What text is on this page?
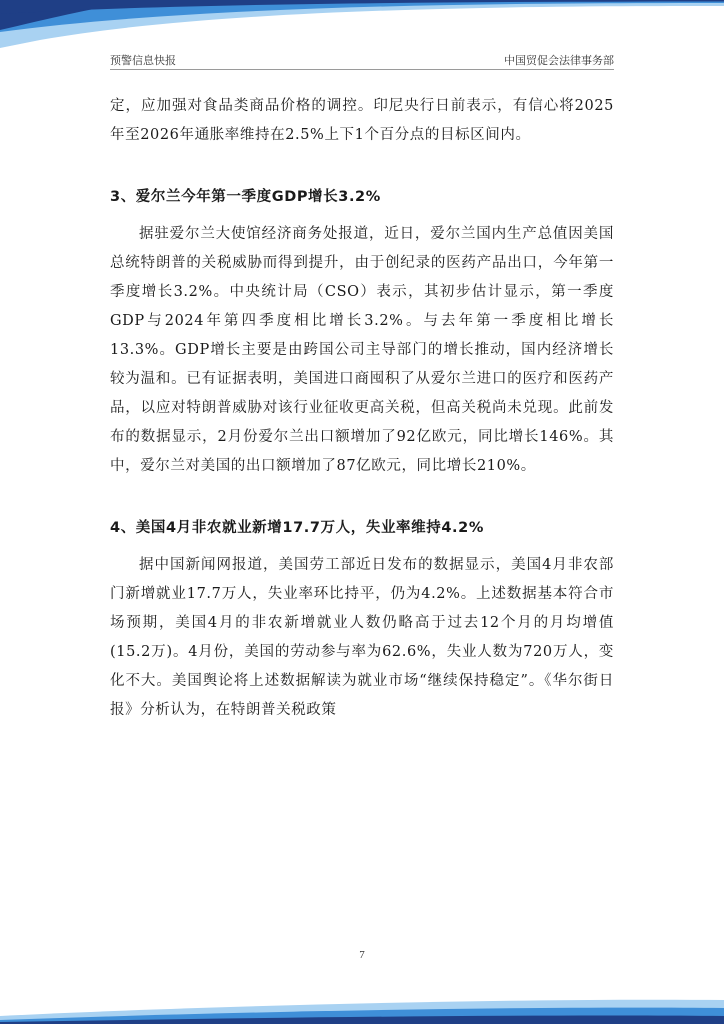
预警信息快报	中国贸促会法律事务部

定，应加强对食品类商品价格的调控。印尼央行日前表示，有信心将2025年至2026年通胀率维持在2.5%上下1个百分点的目标区间内。

3、爱尔兰今年第一季度GDP增长3.2%

据驻爱尔兰大使馆经济商务处报道，近日，爱尔兰国内生产总值因美国总统特朗普的关税威胁而得到提升，由于创纪录的医药产品出口，今年第一季度增长3.2%。中央统计局（CSO）表示，其初步估计显示，第一季度GDP与2024年第四季度相比增长3.2%。与去年第一季度相比增长13.3%。GDP增长主要是由跨国公司主导部门的增长推动，国内经济增长较为温和。已有证据表明，美国进口商囤积了从爱尔兰进口的医疗和医药产品，以应对特朗普威胁对该行业征收更高关税，但高关税尚未兑现。此前发布的数据显示，2月份爱尔兰出口额增加了92亿欧元，同比增长146%。其中，爱尔兰对美国的出口额增加了87亿欧元，同比增长210%。

4、美国4月非农就业新增17.7万人，失业率维持4.2%

据中国新闻网报道，美国劳工部近日发布的数据显示，美国4月非农部门新增就业17.7万人，失业率环比持平，仍为4.2%。上述数据基本符合市场预期，美国4月的非农新增就业人数仍略高于过去12个月的月均增值(15.2万)。4月份，美国的劳动参与率为62.6%，失业人数为720万人，变化不大。美国舆论将上述数据解读为就业市场“继续保持稳定”。《华尔街日报》分析认为，在特朗普关税政策

7
